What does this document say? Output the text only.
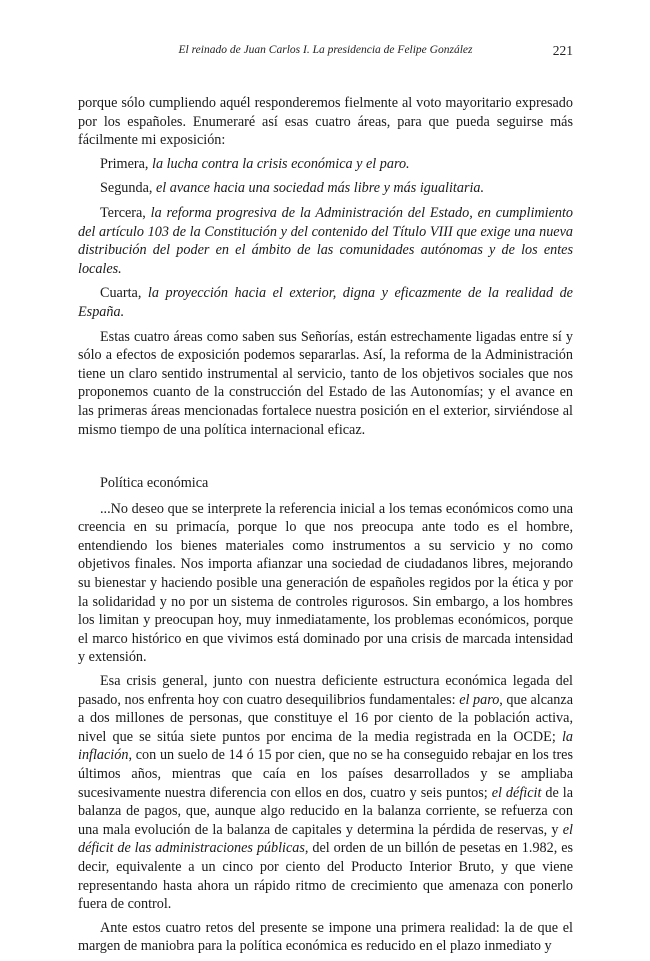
El reinado de Juan Carlos I. La presidencia de Felipe González	221

porque sólo cumpliendo aquél responderemos fielmente al voto mayoritario expresado por los españoles. Enumeraré así esas cuatro áreas, para que pueda seguirse más fácilmente mi exposición:

Primera, la lucha contra la crisis económica y el paro.

Segunda, el avance hacia una sociedad más libre y más igualitaria.

Tercera, la reforma progresiva de la Administración del Estado, en cumplimiento del artículo 103 de la Constitución y del contenido del Título VIII que exige una nueva distribución del poder en el ámbito de las comunidades autónomas y de los entes locales.

Cuarta, la proyección hacia el exterior, digna y eficazmente de la realidad de España.

Estas cuatro áreas como saben sus Señorías, están estrechamente ligadas entre sí y sólo a efectos de exposición podemos separarlas. Así, la reforma de la Administración tiene un claro sentido instrumental al servicio, tanto de los objetivos sociales que nos proponemos cuanto de la construcción del Estado de las Autonomías; y el avance en las primeras áreas mencionadas fortalece nuestra posición en el exterior, sirviéndose al mismo tiempo de una política internacional eficaz.

Política económica

...No deseo que se interprete la referencia inicial a los temas económicos como una creencia en su primacía, porque lo que nos preocupa ante todo es el hombre, entendiendo los bienes materiales como instrumentos a su servicio y no como objetivos finales. Nos importa afianzar una sociedad de ciudadanos libres, mejorando su bienestar y haciendo posible una generación de españoles regidos por la ética y por la solidaridad y no por un sistema de controles rigurosos. Sin embargo, a los hombres los limitan y preocupan hoy, muy inmediatamente, los problemas económicos, porque el marco histórico en que vivimos está dominado por una crisis de marcada intensidad y extensión.

Esa crisis general, junto con nuestra deficiente estructura económica legada del pasado, nos enfrenta hoy con cuatro desequilibrios fundamentales: el paro, que alcanza a dos millones de personas, que constituye el 16 por ciento de la población activa, nivel que se sitúa siete puntos por encima de la media registrada en la OCDE; la inflación, con un suelo de 14 ó 15 por cien, que no se ha conseguido rebajar en los tres últimos años, mientras que caía en los países desarrollados y se ampliaba sucesivamente nuestra diferencia con ellos en dos, cuatro y seis puntos; el déficit de la balanza de pagos, que, aunque algo reducido en la balanza corriente, se refuerza con una mala evolución de la balanza de capitales y determina la pérdida de reservas, y el déficit de las administraciones públicas, del orden de un billón de pesetas en 1.982, es decir, equivalente a un cinco por ciento del Producto Interior Bruto, y que viene representando hasta ahora un rápido ritmo de crecimiento que amenaza con ponerlo fuera de control.

Ante estos cuatro retos del presente se impone una primera realidad: la de que el margen de maniobra para la política económica es reducido en el plazo inmediato y
